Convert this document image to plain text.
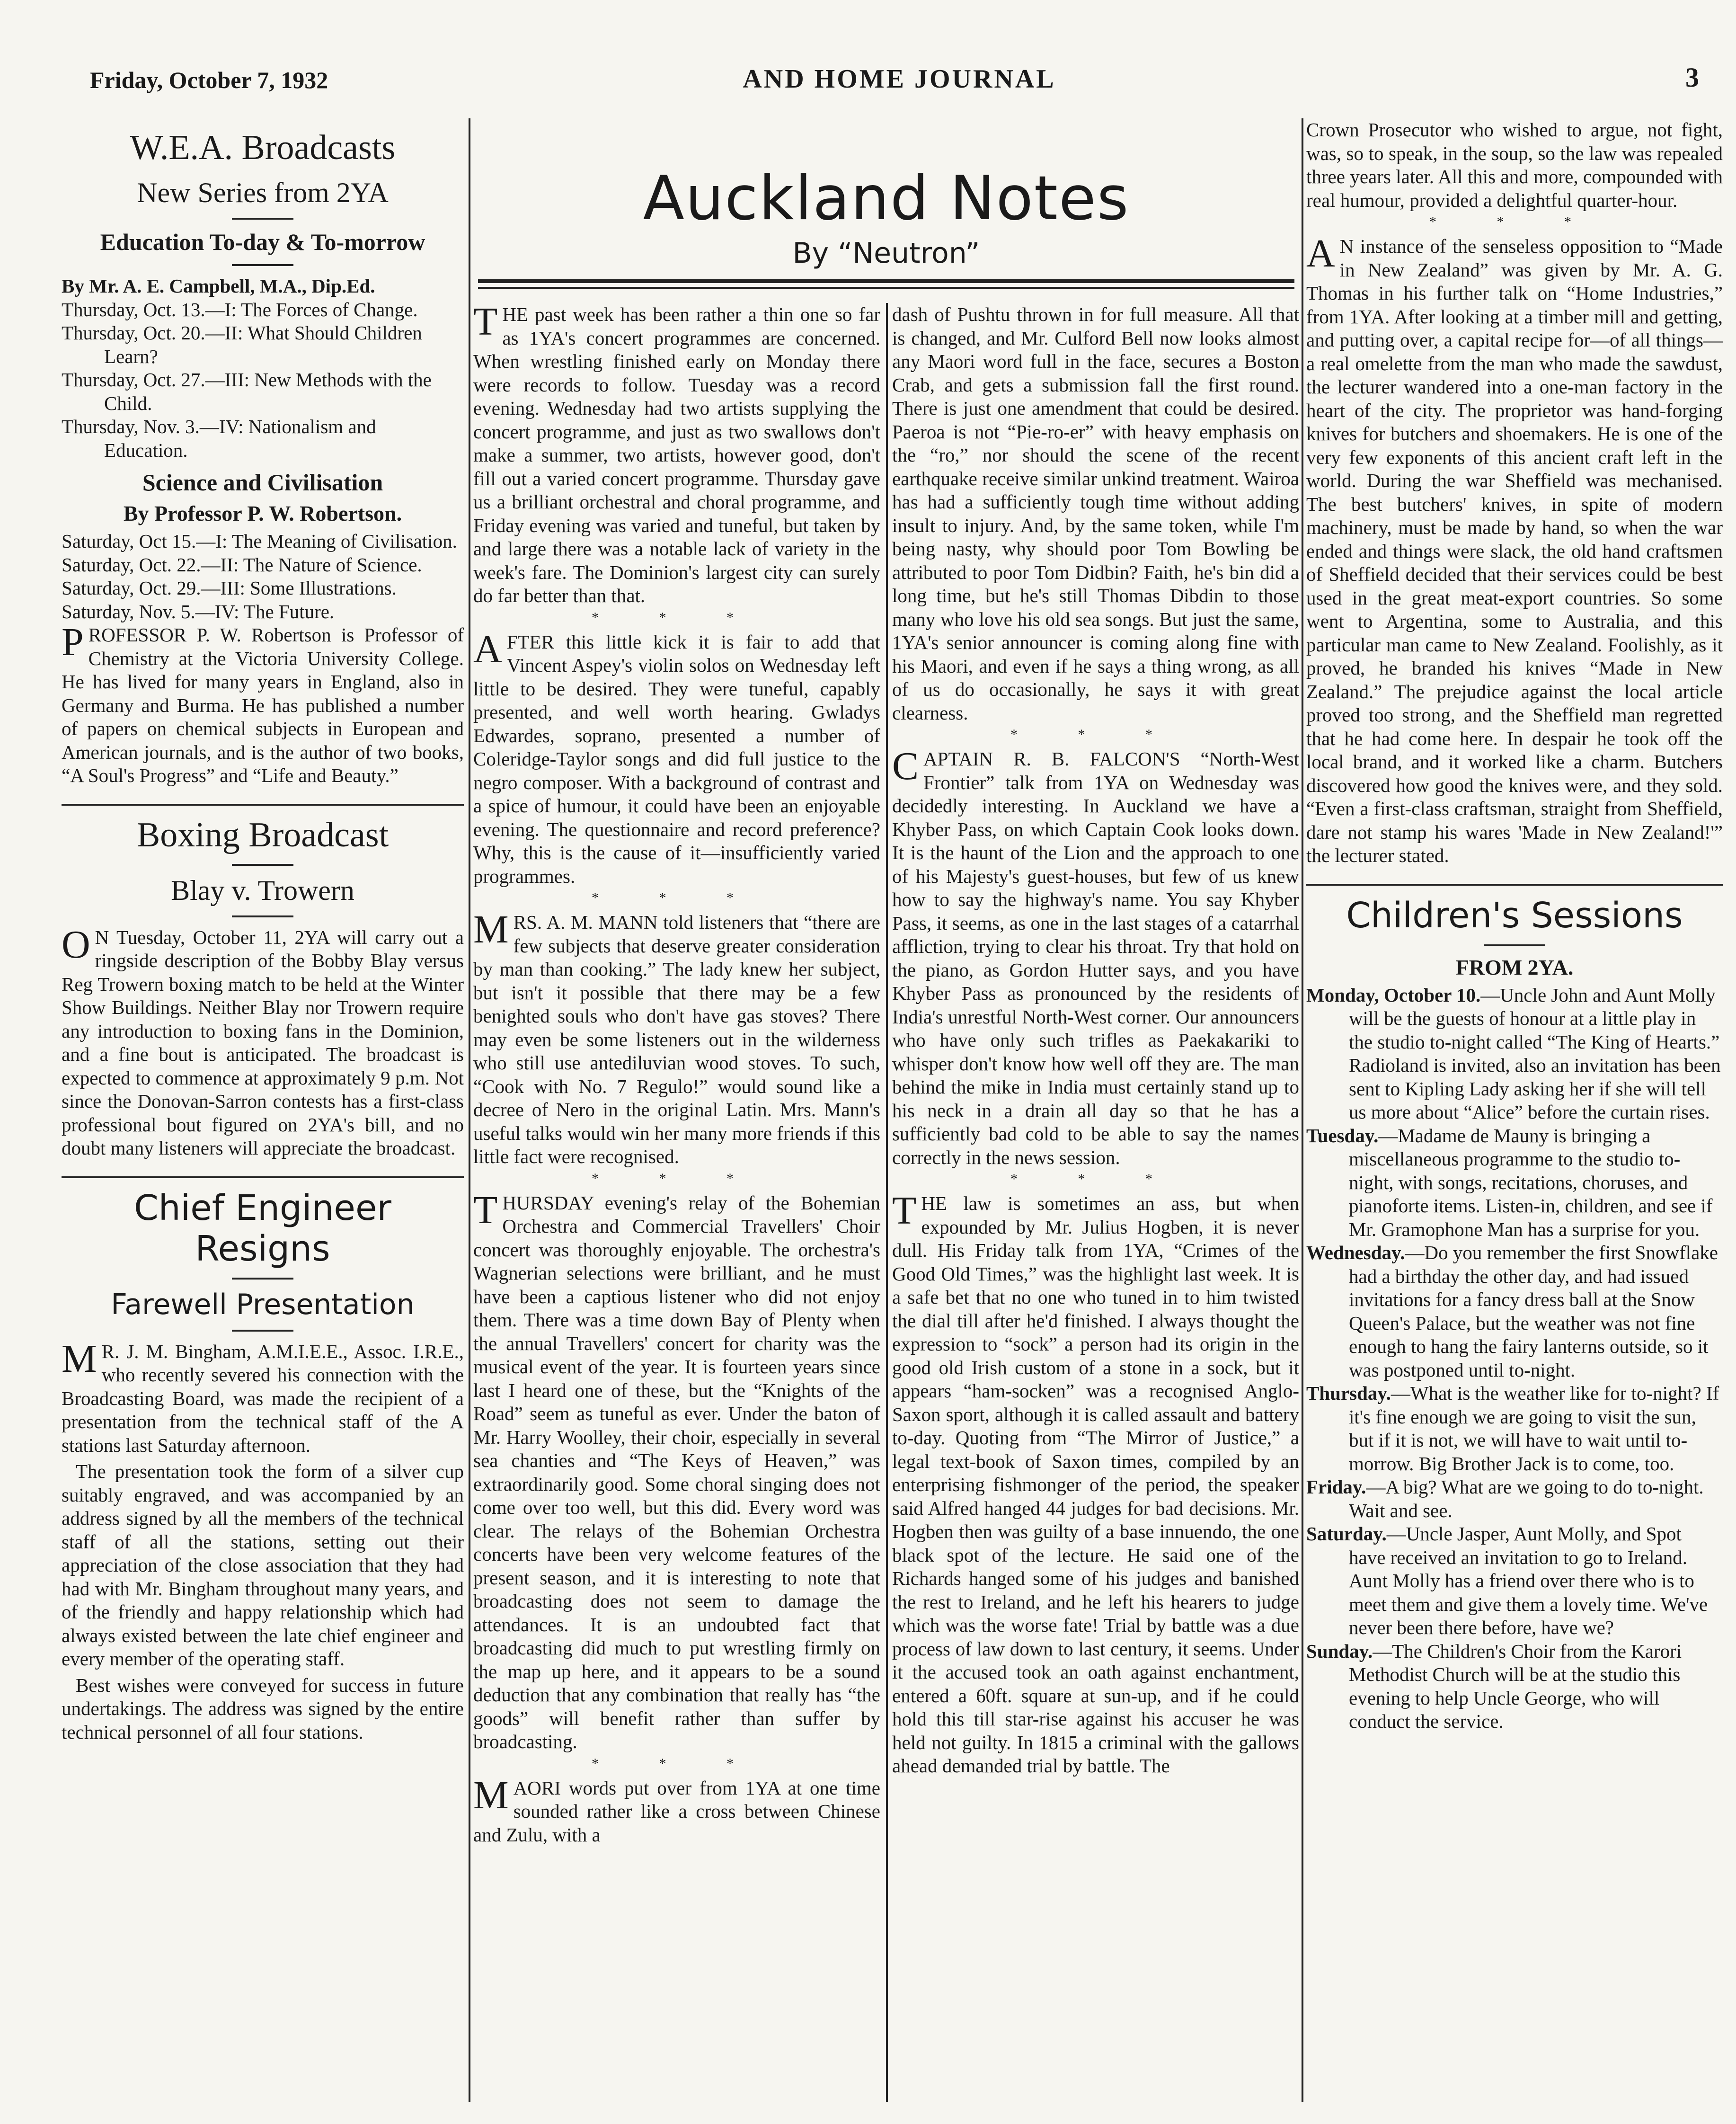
Friday, October 7, 1932	AND HOME JOURNAL	3
Auckland Notes
By “Neutron”
W.E.A. Broadcasts
New Series from 2YA
Education To-day & To-morrow

By Mr. A. E. Campbell, M.A., Dip.Ed.

Thursday, Oct. 13.—I: The Forces of Change.
Thursday, Oct. 20.—II: What Should Children Learn?
Thursday, Oct. 27.—III: New Methods with the Child.
Thursday, Nov. 3.—IV: Nationalism and Education.
Science and Civilisation
By Professor P. W. Robertson.
Saturday, Oct 15.—I: The Meaning of Civilisation.
Saturday, Oct. 22.—II: The Nature of Science.
Saturday, Oct. 29.—III: Some Illustrations.
Saturday, Nov. 5.—IV: The Future.

PROFESSOR P. W. Robertson is Professor of Chemistry at the Victoria University College. He has lived for many years in England, also in Germany and Burma. He has published a number of papers on chemical subjects in European and American journals, and is the author of two books, “A Soul's Progress” and “Life and Beauty.”

Boxing Broadcast
Blay v. Trowern

O N Tuesday, October 11, 2YA will carry out a ringside description of the Bobby Blay versus Reg Trowern boxing match to be held at the Winter Show Buildings. Neither Blay nor Trowern require any introduction to boxing fans in the Dominion, and a fine bout is anticipated. The broadcast is expected to commence at approximately 9 p.m. Not since the Donovan-Sarron contests has a first-class professional bout figured on 2YA's bill, and no doubt many listeners will appreciate the broadcast.

Chief Engineer Resigns
Farewell Presentation

M R. J. M. Bingham, A.M.I.E.E., Assoc. I.R.E., who recently severed his connection with the Broadcasting Board, was made the recipient of a presentation from the technical staff of the A stations last Saturday afternoon.

The presentation took the form of a silver cup suitably engraved, and was accompanied by an address signed by all the members of the technical staff of all the stations, setting out their appreciation of the close association that they had had with Mr. Bingham throughout many years, and of the friendly and happy relationship which had always existed between the late chief engineer and every member of the operating staff.

Best wishes were conveyed for success in future undertakings. The address was signed by the entire technical personnel of all four stations.

THE past week has been rather a thin one so far as 1YA's concert programmes are concerned. When wrestling finished early on Monday there were records to follow. Tuesday was a record evening. Wednesday had two artists supplying the concert programme, and just as two swallows don't make a summer, two artists, however good, don't fill out a varied concert programme. Thursday gave us a brilliant orchestral and choral programme, and Friday evening was varied and tuneful, but taken by and large there was a notable lack of variety in the week's fare. The Dominion's largest city can surely do far better than that.

* * *

AFTER this little kick it is fair to add that Vincent Aspey's violin solos on Wednesday left little to be desired. They were tuneful, capably presented, and well worth hearing. Gwladys Edwardes, soprano, presented a number of Coleridge-Taylor songs and did full justice to the negro composer. With a background of contrast and a spice of humour, it could have been an enjoyable evening. The questionnaire and record preference? Why, this is the cause of it—insufficiently varied programmes.

* * *

MRS. A. M. MANN told listeners that “there are few subjects that deserve greater consideration by man than cooking.” The lady knew her subject, but isn't it possible that there may be a few benighted souls who don't have gas stoves? There may even be some listeners out in the wilderness who still use antediluvian wood stoves. To such, “Cook with No. 7 Regulo!” would sound like a decree of Nero in the original Latin. Mrs. Mann's useful talks would win her many more friends if this little fact were recognised.

* * *

THURSDAY evening's relay of the Bohemian Orchestra and Commercial Travellers' Choir concert was thoroughly enjoyable. The orchestra's Wagnerian selections were brilliant, and he must have been a captious listener who did not enjoy them. There was a time down Bay of Plenty when the annual Travellers' concert for charity was the musical event of the year. It is fourteen years since last I heard one of these, but the “Knights of the Road” seem as tuneful as ever. Under the baton of Mr. Harry Woolley, their choir, especially in several sea chanties and “The Keys of Heaven,” was extraordinarily good. Some choral singing does not come over too well, but this did. Every word was clear. The relays of the Bohemian Orchestra concerts have been very welcome features of the present season, and it is interesting to note that broadcasting does not seem to damage the attendances. It is an undoubted fact that broadcasting did much to put wrestling firmly on the map up here, and it appears to be a sound deduction that any combination that really has “the goods” will benefit rather than suffer by broadcasting.

* * *

MAORI words put over from 1YA at one time sounded rather like a cross between Chinese and Zulu, with a

dash of Pushtu thrown in for full measure. All that is changed, and Mr. Culford Bell now looks almost any Maori word full in the face, secures a Boston Crab, and gets a submission fall the first round. There is just one amendment that could be desired. Paeroa is not “Pie-ro-er” with heavy emphasis on the “ro,” nor should the scene of the recent earthquake receive similar unkind treatment. Wairoa has had a sufficiently tough time without adding insult to injury. And, by the same token, while I'm being nasty, why should poor Tom Bowling be attributed to poor Tom Didbin? Faith, he's bin did a long time, but he's still Thomas Dibdin to those many who love his old sea songs. But just the same, 1YA's senior announcer is coming along fine with his Maori, and even if he says a thing wrong, as all of us do occasionally, he says it with great clearness.

* * *

CAPTAIN R. B. FALCON'S “North-West Frontier” talk from 1YA on Wednesday was decidedly interesting. In Auckland we have a Khyber Pass, on which Captain Cook looks down. It is the haunt of the Lion and the approach to one of his Majesty's guest-houses, but few of us knew how to say the highway's name. You say Khyber Pass, it seems, as one in the last stages of a catarrhal affliction, trying to clear his throat. Try that hold on the piano, as Gordon Hutter says, and you have Khyber Pass as pronounced by the residents of India's unrestful North-West corner. Our announcers who have only such trifles as Paekakariki to whisper don't know how well off they are. The man behind the mike in India must certainly stand up to his neck in a drain all day so that he has a sufficiently bad cold to be able to say the names correctly in the news session.

* * *

THE law is sometimes an ass, but when expounded by Mr. Julius Hogben, it is never dull. His Friday talk from 1YA, “Crimes of the Good Old Times,” was the highlight last week. It is a safe bet that no one who tuned in to him twisted the dial till after he'd finished. I always thought the expression to “sock” a person had its origin in the good old Irish custom of a stone in a sock, but it appears “ham-socken” was a recognised Anglo-Saxon sport, although it is called assault and battery to-day. Quoting from “The Mirror of Justice,” a legal text-book of Saxon times, compiled by an enterprising fishmonger of the period, the speaker said Alfred hanged 44 judges for bad decisions. Mr. Hogben then was guilty of a base innuendo, the one black spot of the lecture. He said one of the Richards hanged some of his judges and banished the rest to Ireland, and he left his hearers to judge which was the worse fate! Trial by battle was a due process of law down to last century, it seems. Under it the accused took an oath against enchantment, entered a 60ft. square at sun-up, and if he could hold this till star-rise against his accuser he was held not guilty. In 1815 a criminal with the gallows ahead demanded trial by battle. The

Crown Prosecutor who wished to argue, not fight, was, so to speak, in the soup, so the law was repealed three years later. All this and more, compounded with real humour, provided a delightful quarter-hour.

* * *

A N instance of the senseless opposition to “Made in New Zealand” was given by Mr. A. G. Thomas in his further talk on “Home Industries,” from 1YA. After looking at a timber mill and getting, and putting over, a capital recipe for—of all things—a real omelette from the man who made the sawdust, the lecturer wandered into a one-man factory in the heart of the city. The proprietor was hand-forging knives for butchers and shoemakers. He is one of the very few exponents of this ancient craft left in the world. During the war Sheffield was mechanised. The best butchers' knives, in spite of modern machinery, must be made by hand, so when the war ended and things were slack, the old hand craftsmen of Sheffield decided that their services could be best used in the great meat-export countries. So some went to Argentina, some to Australia, and this particular man came to New Zealand. Foolishly, as it proved, he branded his knives “Made in New Zealand.” The prejudice against the local article proved too strong, and the Sheffield man regretted that he had come here. In despair he took off the local brand, and it worked like a charm. Butchers discovered how good the knives were, and they sold. “Even a first-class craftsman, straight from Sheffield, dare not stamp his wares 'Made in New Zealand!'” the lecturer stated.

Children's Sessions
FROM 2YA.
Monday, October 10.—Uncle John and Aunt Molly will be the guests of honour at a little play in the studio to-night called “The King of Hearts.” Radioland is invited, also an invitation has been sent to Kipling Lady asking her if she will tell us more about “Alice” before the curtain rises.
Tuesday.—Madame de Mauny is bringing a miscellaneous programme to the studio to-night, with songs, recitations, choruses, and pianoforte items. Listen-in, children, and see if Mr. Gramophone Man has a surprise for you.
Wednesday.—Do you remember the first Snowflake had a birthday the other day, and had issued invitations for a fancy dress ball at the Snow Queen's Palace, but the weather was not fine enough to hang the fairy lanterns outside, so it was postponed until to-night.
Thursday.—What is the weather like for to-night? If it's fine enough we are going to visit the sun, but if it is not, we will have to wait until to-morrow. Big Brother Jack is to come, too.
Friday.—A big? What are we going to do to-night. Wait and see.
Saturday.—Uncle Jasper, Aunt Molly, and Spot have received an invitation to go to Ireland. Aunt Molly has a friend over there who is to meet them and give them a lovely time. We've never been there before, have we?
Sunday.—The Children's Choir from the Karori Methodist Church will be at the studio this evening to help Uncle George, who will conduct the service.
